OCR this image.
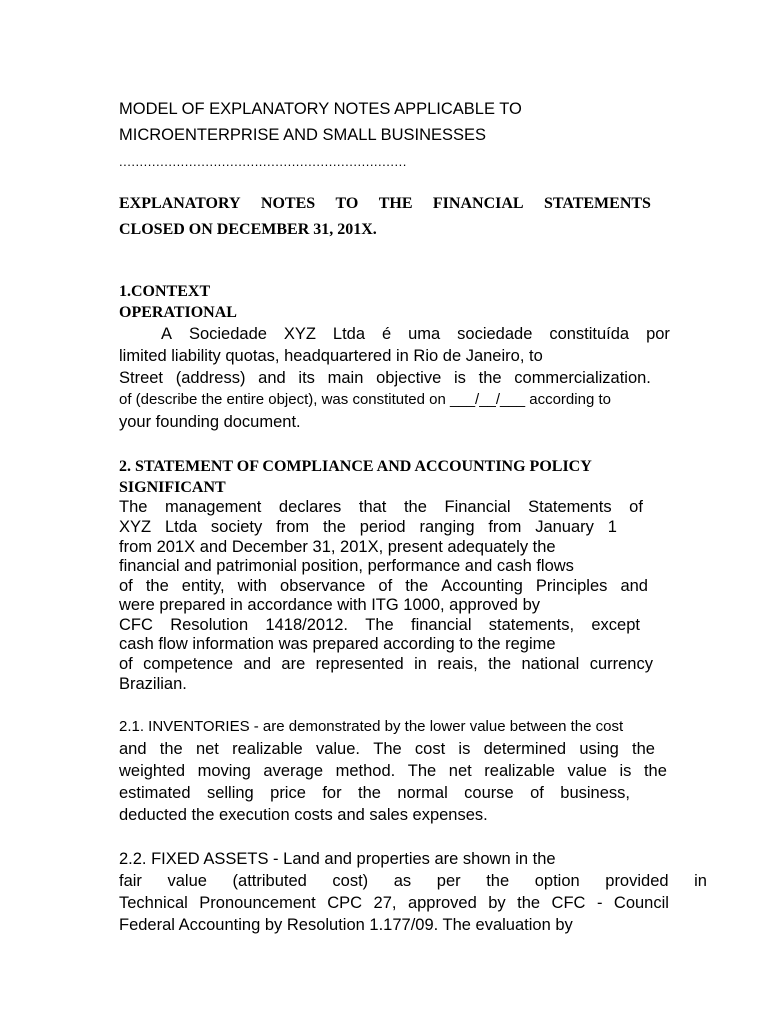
MODEL OF EXPLANATORY NOTES APPLICABLE TO
MICROENTERPRISE AND SMALL BUSINESSES
......................................................................
EXPLANATORY NOTES TO THE FINANCIAL STATEMENTS
CLOSED ON DECEMBER 31, 201X.
1.CONTEXT
OPERATIONAL
A Sociedade XYZ Ltda é uma sociedade constituída por
limited liability quotas, headquartered in Rio de Janeiro, to
Street (address) and its main objective is the commercialization.
of (describe the entire object), was constituted on ___/__/___ according to
your founding document.
2. STATEMENT OF COMPLIANCE AND ACCOUNTING POLICY
SIGNIFICANT
The management declares that the Financial Statements of
XYZ Ltda society from the period ranging from January 1
from 201X and December 31, 201X, present adequately the
financial and patrimonial position, performance and cash flows
of the entity, with observance of the Accounting Principles and
were prepared in accordance with ITG 1000, approved by
CFC Resolution 1418/2012. The financial statements, except
cash flow information was prepared according to the regime
of competence and are represented in reais, the national currency
Brazilian.
2.1. INVENTORIES - are demonstrated by the lower value between the cost
and the net realizable value. The cost is determined using the
weighted moving average method. The net realizable value is the
estimated selling price for the normal course of business,
deducted the execution costs and sales expenses.
2.2. FIXED ASSETS - Land and properties are shown in the
fair value (attributed cost) as per the option provided in
Technical Pronouncement CPC 27, approved by the CFC - Council
Federal Accounting by Resolution 1.177/09. The evaluation by
